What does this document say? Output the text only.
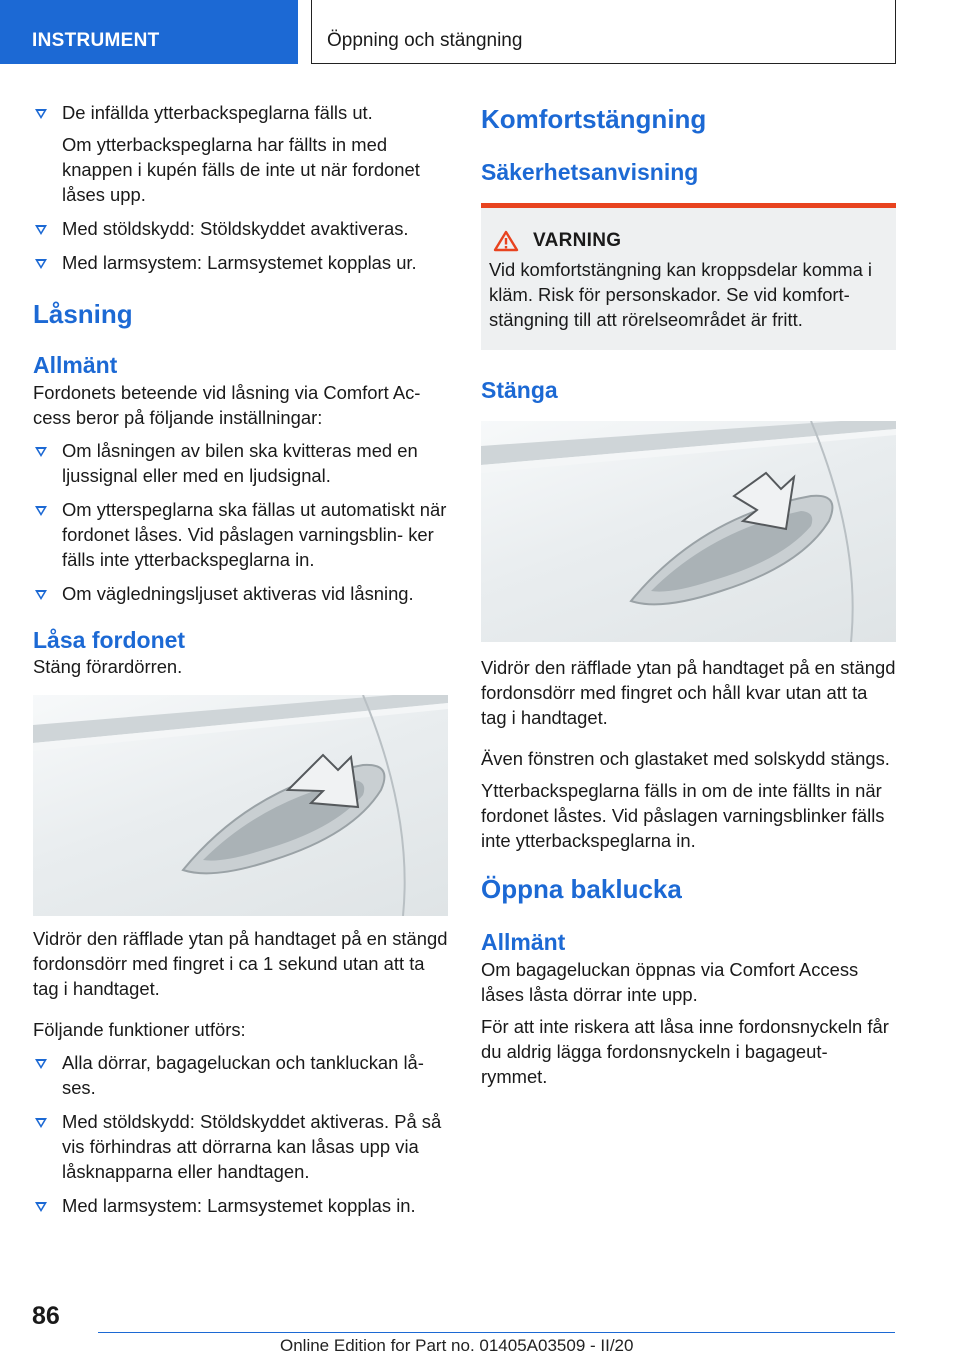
INSTRUMENT	Öppning och stängning
De infällda ytterbackspeglarna fälls ut.

Om ytterbackspeglarna har fällts in med knappen i kupén fälls de inte ut när fordonet låses upp.

Med stöldskydd: Stöldskyddet avaktiveras.
Med larmsystem: Larmsystemet kopplas ur.
Låsning
Allmänt

Fordonets beteende vid låsning via Comfort Ac- cess beror på följande inställningar:

Om låsningen av bilen ska kvitteras med en ljussignal eller med en ljudsignal.
Om ytterspeglarna ska fällas ut automatiskt när fordonet låses. Vid påslagen varningsblin- ker fälls inte ytterbackspeglarna in.
Om vägledningsljuset aktiveras vid låsning.
Låsa fordonet

Stäng förardörren.

Vidrör den räfflade ytan på handtaget på en stängd fordonsdörr med fingret i ca 1 sekund utan att ta tag i handtaget.

Följande funktioner utförs:

Alla dörrar, bagageluckan och tankluckan lå- ses.
Med stöldskydd: Stöldskyddet aktiveras. På så vis förhindras att dörrarna kan låsas upp via låsknapparna eller handtagen.
Med larmsystem: Larmsystemet kopplas in.
Komfortstängning
Säkerhetsanvisning
VARNING

Vid komfortstängning kan kroppsdelar komma i kläm. Risk för personskador. Se vid komfort- stängning till att rörelseområdet är fritt.

Stänga

Vidrör den räfflade ytan på handtaget på en stängd fordonsdörr med fingret och håll kvar utan att ta tag i handtaget.

Även fönstren och glastaket med solskydd stängs.

Ytterbackspeglarna fälls in om de inte fällts in när fordonet låstes. Vid påslagen varningsblinker fälls inte ytterbackspeglarna in.

Öppna baklucka
Allmänt

Om bagageluckan öppnas via Comfort Access låses låsta dörrar inte upp.

För att inte riskera att låsa inne fordonsnyckeln får du aldrig lägga fordonsnyckeln i bagageut- rymmet.

86
Online Edition for Part no. 01405A03509 - II/20
